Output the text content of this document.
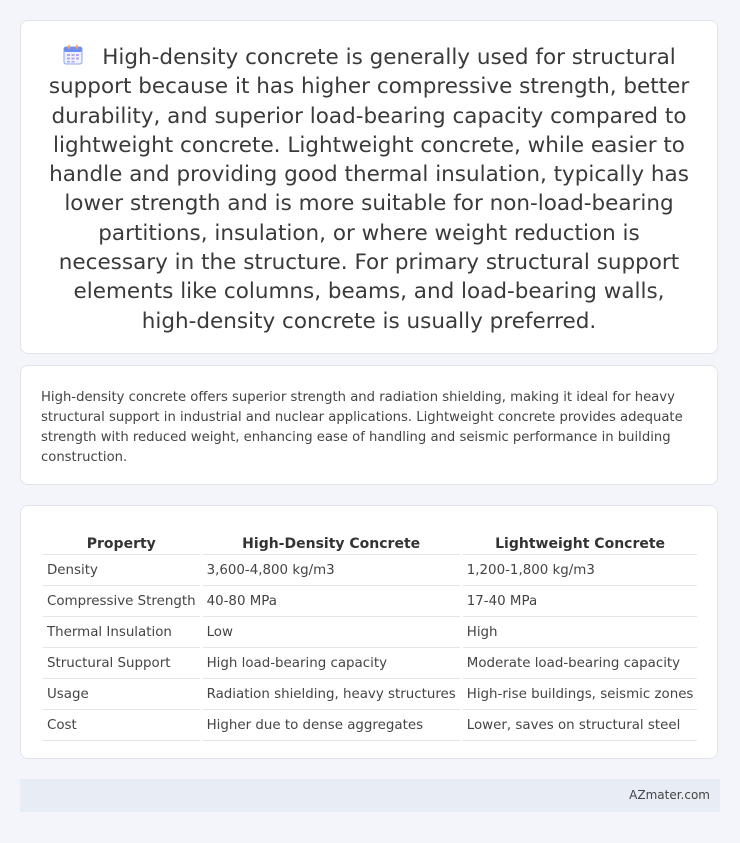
High-density concrete is generally used for structural support because it has higher compressive strength, better durability, and superior load-bearing capacity compared to lightweight concrete. Lightweight concrete, while easier to handle and providing good thermal insulation, typically has lower strength and is more suitable for non-load-bearing partitions, insulation, or where weight reduction is necessary in the structure. For primary structural support elements like columns, beams, and load-bearing walls, high-density concrete is usually preferred.

High-density concrete offers superior strength and radiation shielding, making it ideal for heavy structural support in industrial and nuclear applications. Lightweight concrete provides adequate strength with reduced weight, enhancing ease of handling and seismic performance in building construction.

Property	High-Density Concrete	Lightweight Concrete
Density	3,600-4,800 kg/m3	1,200-1,800 kg/m3
Compressive Strength	40-80 MPa	17-40 MPa
Thermal Insulation	Low	High
Structural Support	High load-bearing capacity	Moderate load-bearing capacity
Usage	Radiation shielding, heavy structures	High-rise buildings, seismic zones
Cost	Higher due to dense aggregates	Lower, saves on structural steel
AZmater.com
